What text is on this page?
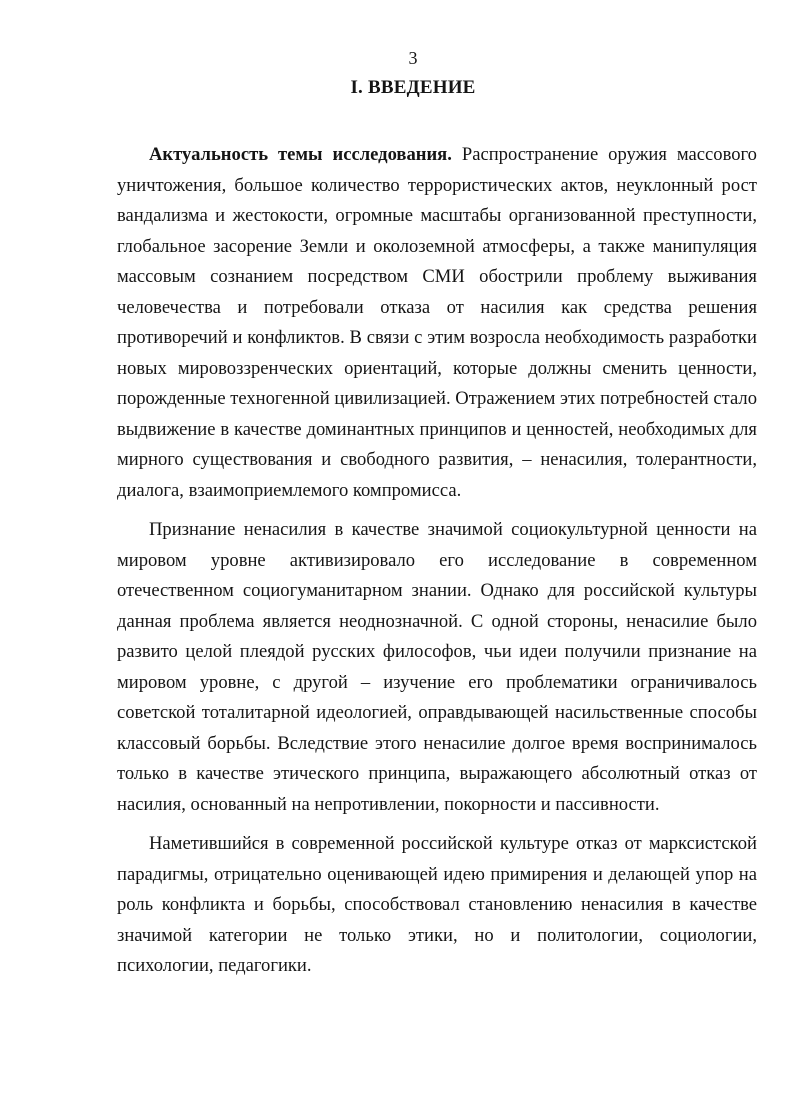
3
I. ВВЕДЕНИЕ

Актуальность темы исследования. Распространение оружия массового уничтожения, большое количество террористических актов, неуклонный рост вандализма и жестокости, огромные масштабы организованной преступности, глобальное засорение Земли и околоземной атмосферы, а также манипуляция массовым сознанием посредством СМИ обострили проблему выживания человечества и потребовали отказа от насилия как средства решения противоречий и конфликтов. В связи с этим возросла необходимость разработки новых мировоззренческих ориентаций, которые должны сменить ценности, порожденные техногенной цивилизацией. Отражением этих потребностей стало выдвижение в качестве доминантных принципов и ценностей, необходимых для мирного существования и свободного развития, – ненасилия, толерантности, диалога, взаимоприемлемого компромисса.

Признание ненасилия в качестве значимой социокультурной ценности на мировом уровне активизировало его исследование в современном отечественном социогуманитарном знании. Однако для российской культуры данная проблема является неоднозначной. С одной стороны, ненасилие было развито целой плеядой русских философов, чьи идеи получили признание на мировом уровне, с другой – изучение его проблематики ограничивалось советской тоталитарной идеологией, оправдывающей насильственные способы классовый борьбы. Вследствие этого ненасилие долгое время воспринималось только в качестве этического принципа, выражающего абсолютный отказ от насилия, основанный на непротивлении, покорности и пассивности.

Наметившийся в современной российской культуре отказ от марксистской парадигмы, отрицательно оценивающей идею примирения и делающей упор на роль конфликта и борьбы, способствовал становлению ненасилия в качестве значимой категории не только этики, но и политологии, социологии, психологии, педагогики.
